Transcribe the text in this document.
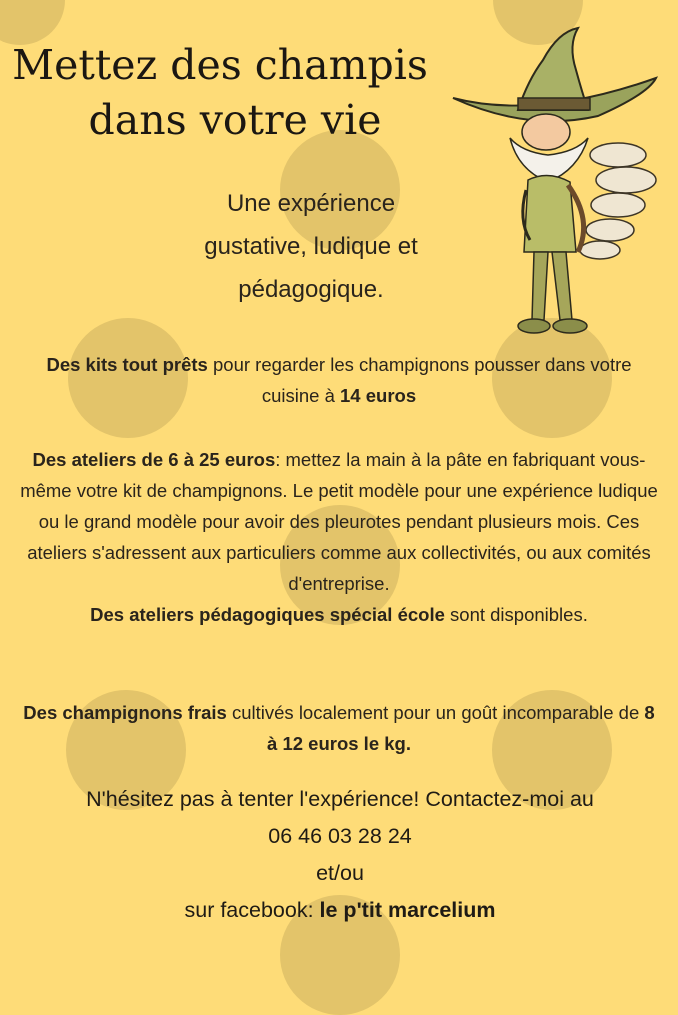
Mettez des champis
dans votre vie
Une expérience
gustative, ludique et
pédagogique.
Des kits tout prêts pour regarder les champignons pousser dans votre cuisine à 14 euros
Des ateliers de 6 à 25 euros: mettez la main à la pâte en fabriquant vous-même votre kit de champignons. Le petit modèle pour une expérience ludique ou le grand modèle pour avoir des pleurotes pendant plusieurs mois. Ces ateliers s'adressent aux particuliers comme aux collectivités, ou aux comités d'entreprise.
Des ateliers pédagogiques spécial école sont disponibles.
Des champignons frais cultivés localement pour un goût incomparable de 8 à 12 euros le kg.
N'hésitez pas à tenter l'expérience! Contactez-moi au
06 46 03 28 24
et/ou
sur facebook: le p'tit marcelium
